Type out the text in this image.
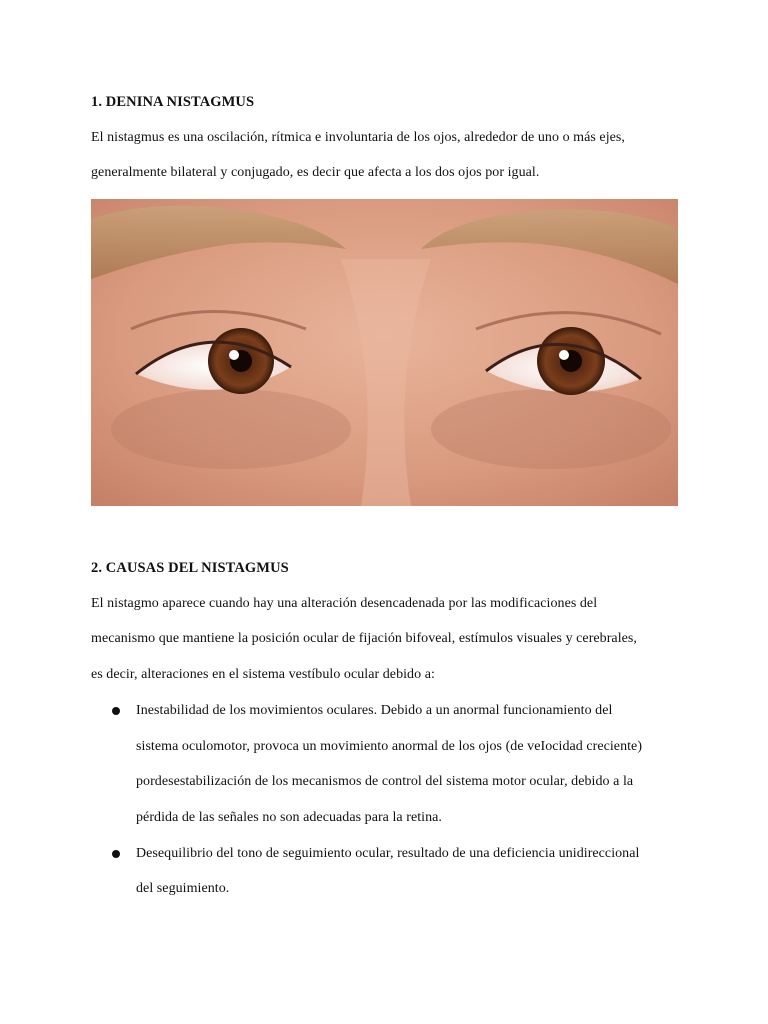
1. DENINA NISTAGMUS
El nistagmus es una oscilación, rítmica e involuntaria de los ojos, alrededor de uno o más ejes,
generalmente bilateral y conjugado, es decir que afecta a los dos ojos por igual.
2. CAUSAS DEL NISTAGMUS
El nistagmo aparece cuando hay una alteración desencadenada por las modificaciones del
mecanismo que mantiene la posición ocular de fijación bifoveal, estímulos visuales y cerebrales,
es decir, alteraciones en el sistema vestíbulo ocular debido a:
Inestabilidad de los movimientos oculares. Debido a un anormal funcionamiento del
sistema oculomotor, provoca un movimiento anormal de los ojos (de veIocidad creciente)
pordesestabilización de los mecanismos de control del sistema motor ocular, debido a la
pérdida de las señales no son adecuadas para la retina.
Desequilibrio del tono de seguimiento ocular, resultado de una deficiencia unidireccional
del seguimiento.
